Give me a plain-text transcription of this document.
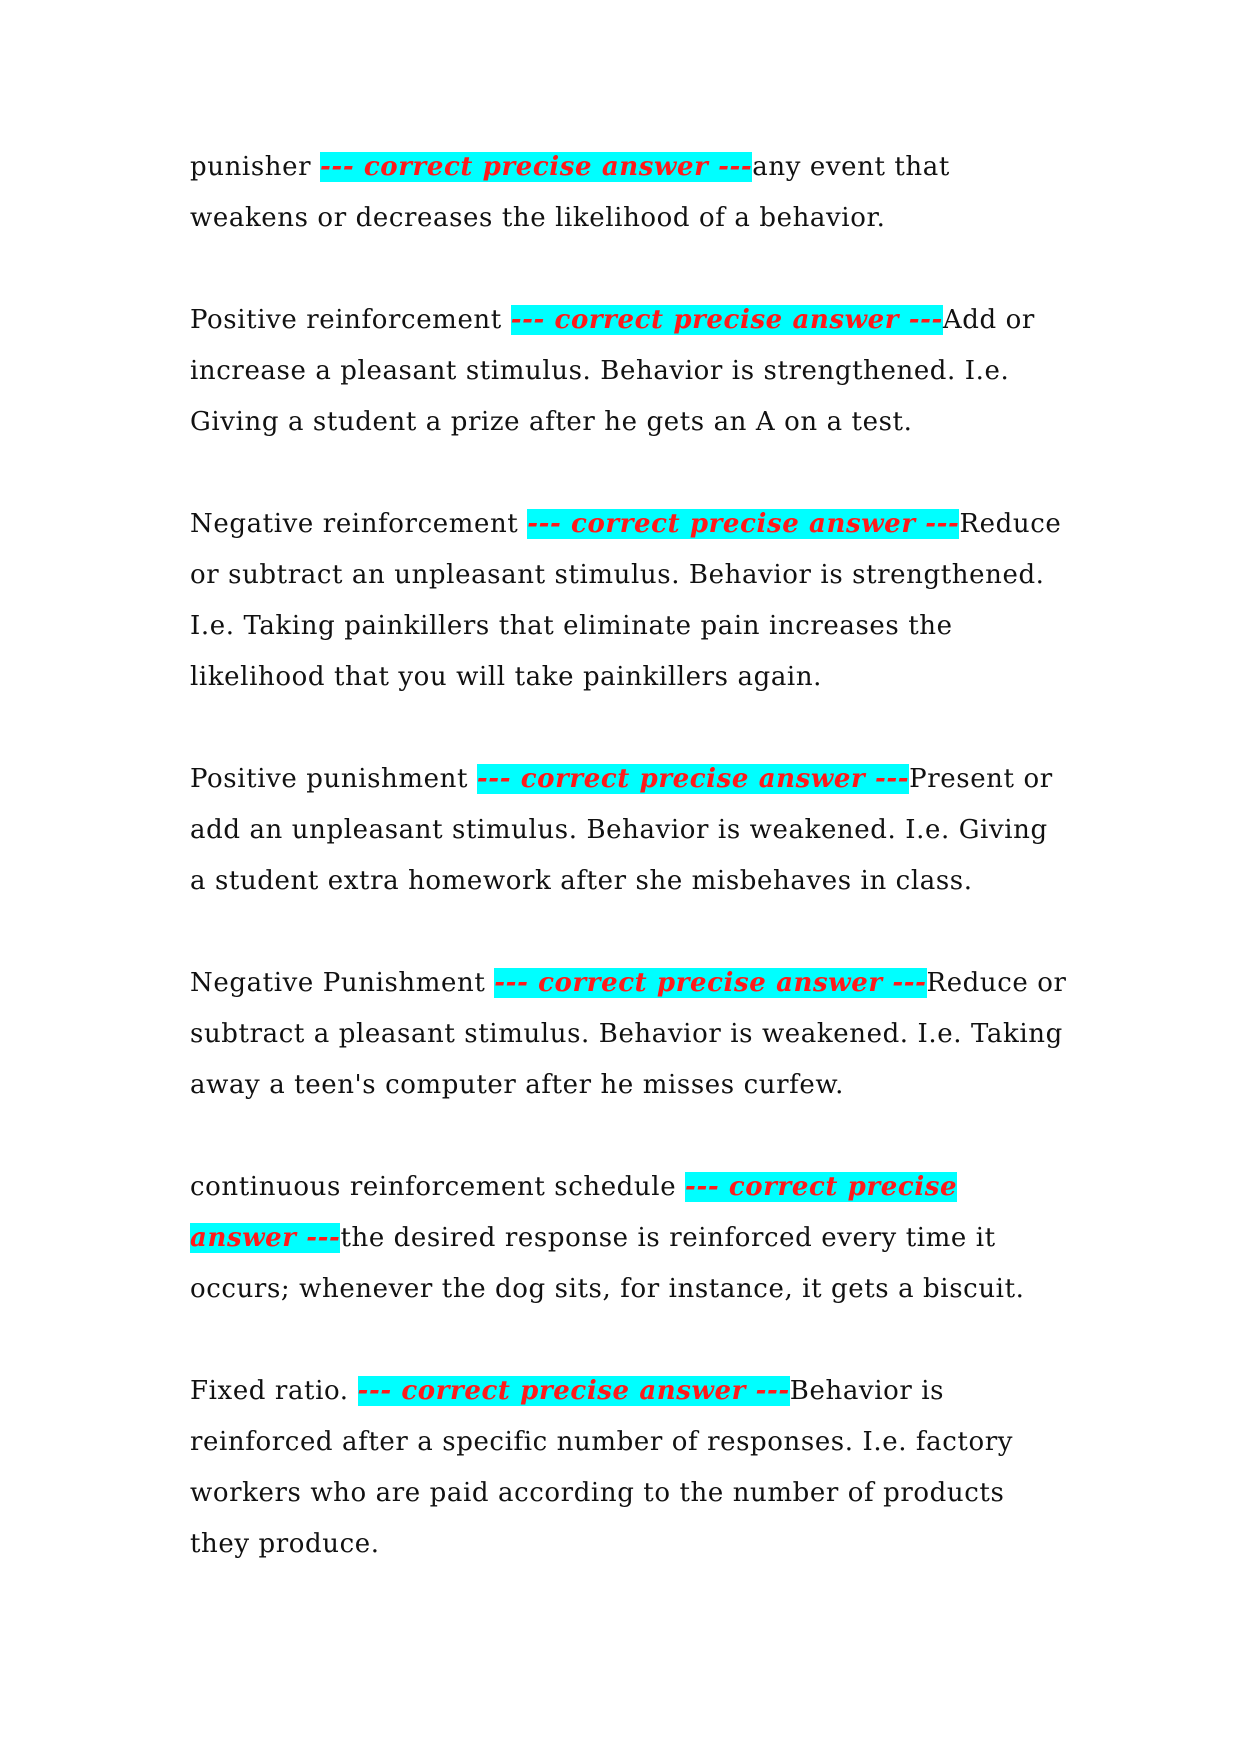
punisher --- correct precise answer ---any event that weakens or decreases the likelihood of a behavior.

Positive reinforcement --- correct precise answer ---Add or increase a pleasant stimulus. Behavior is strengthened. I.e. Giving a student a prize after he gets an A on a test.

Negative reinforcement --- correct precise answer ---Reduce or subtract an unpleasant stimulus. Behavior is strengthened. I.e. Taking painkillers that eliminate pain increases the likelihood that you will take painkillers again.

Positive punishment --- correct precise answer ---Present or add an unpleasant stimulus. Behavior is weakened. I.e. Giving a student extra homework after she misbehaves in class.

Negative Punishment --- correct precise answer ---Reduce or subtract a pleasant stimulus. Behavior is weakened. I.e. Taking away a teen's computer after he misses curfew.

continuous reinforcement schedule --- correct precise answer ---the desired response is reinforced every time it occurs; whenever the dog sits, for instance, it gets a biscuit.

Fixed ratio. --- correct precise answer ---Behavior is reinforced after a specific number of responses. I.e. factory workers who are paid according to the number of products they produce.
